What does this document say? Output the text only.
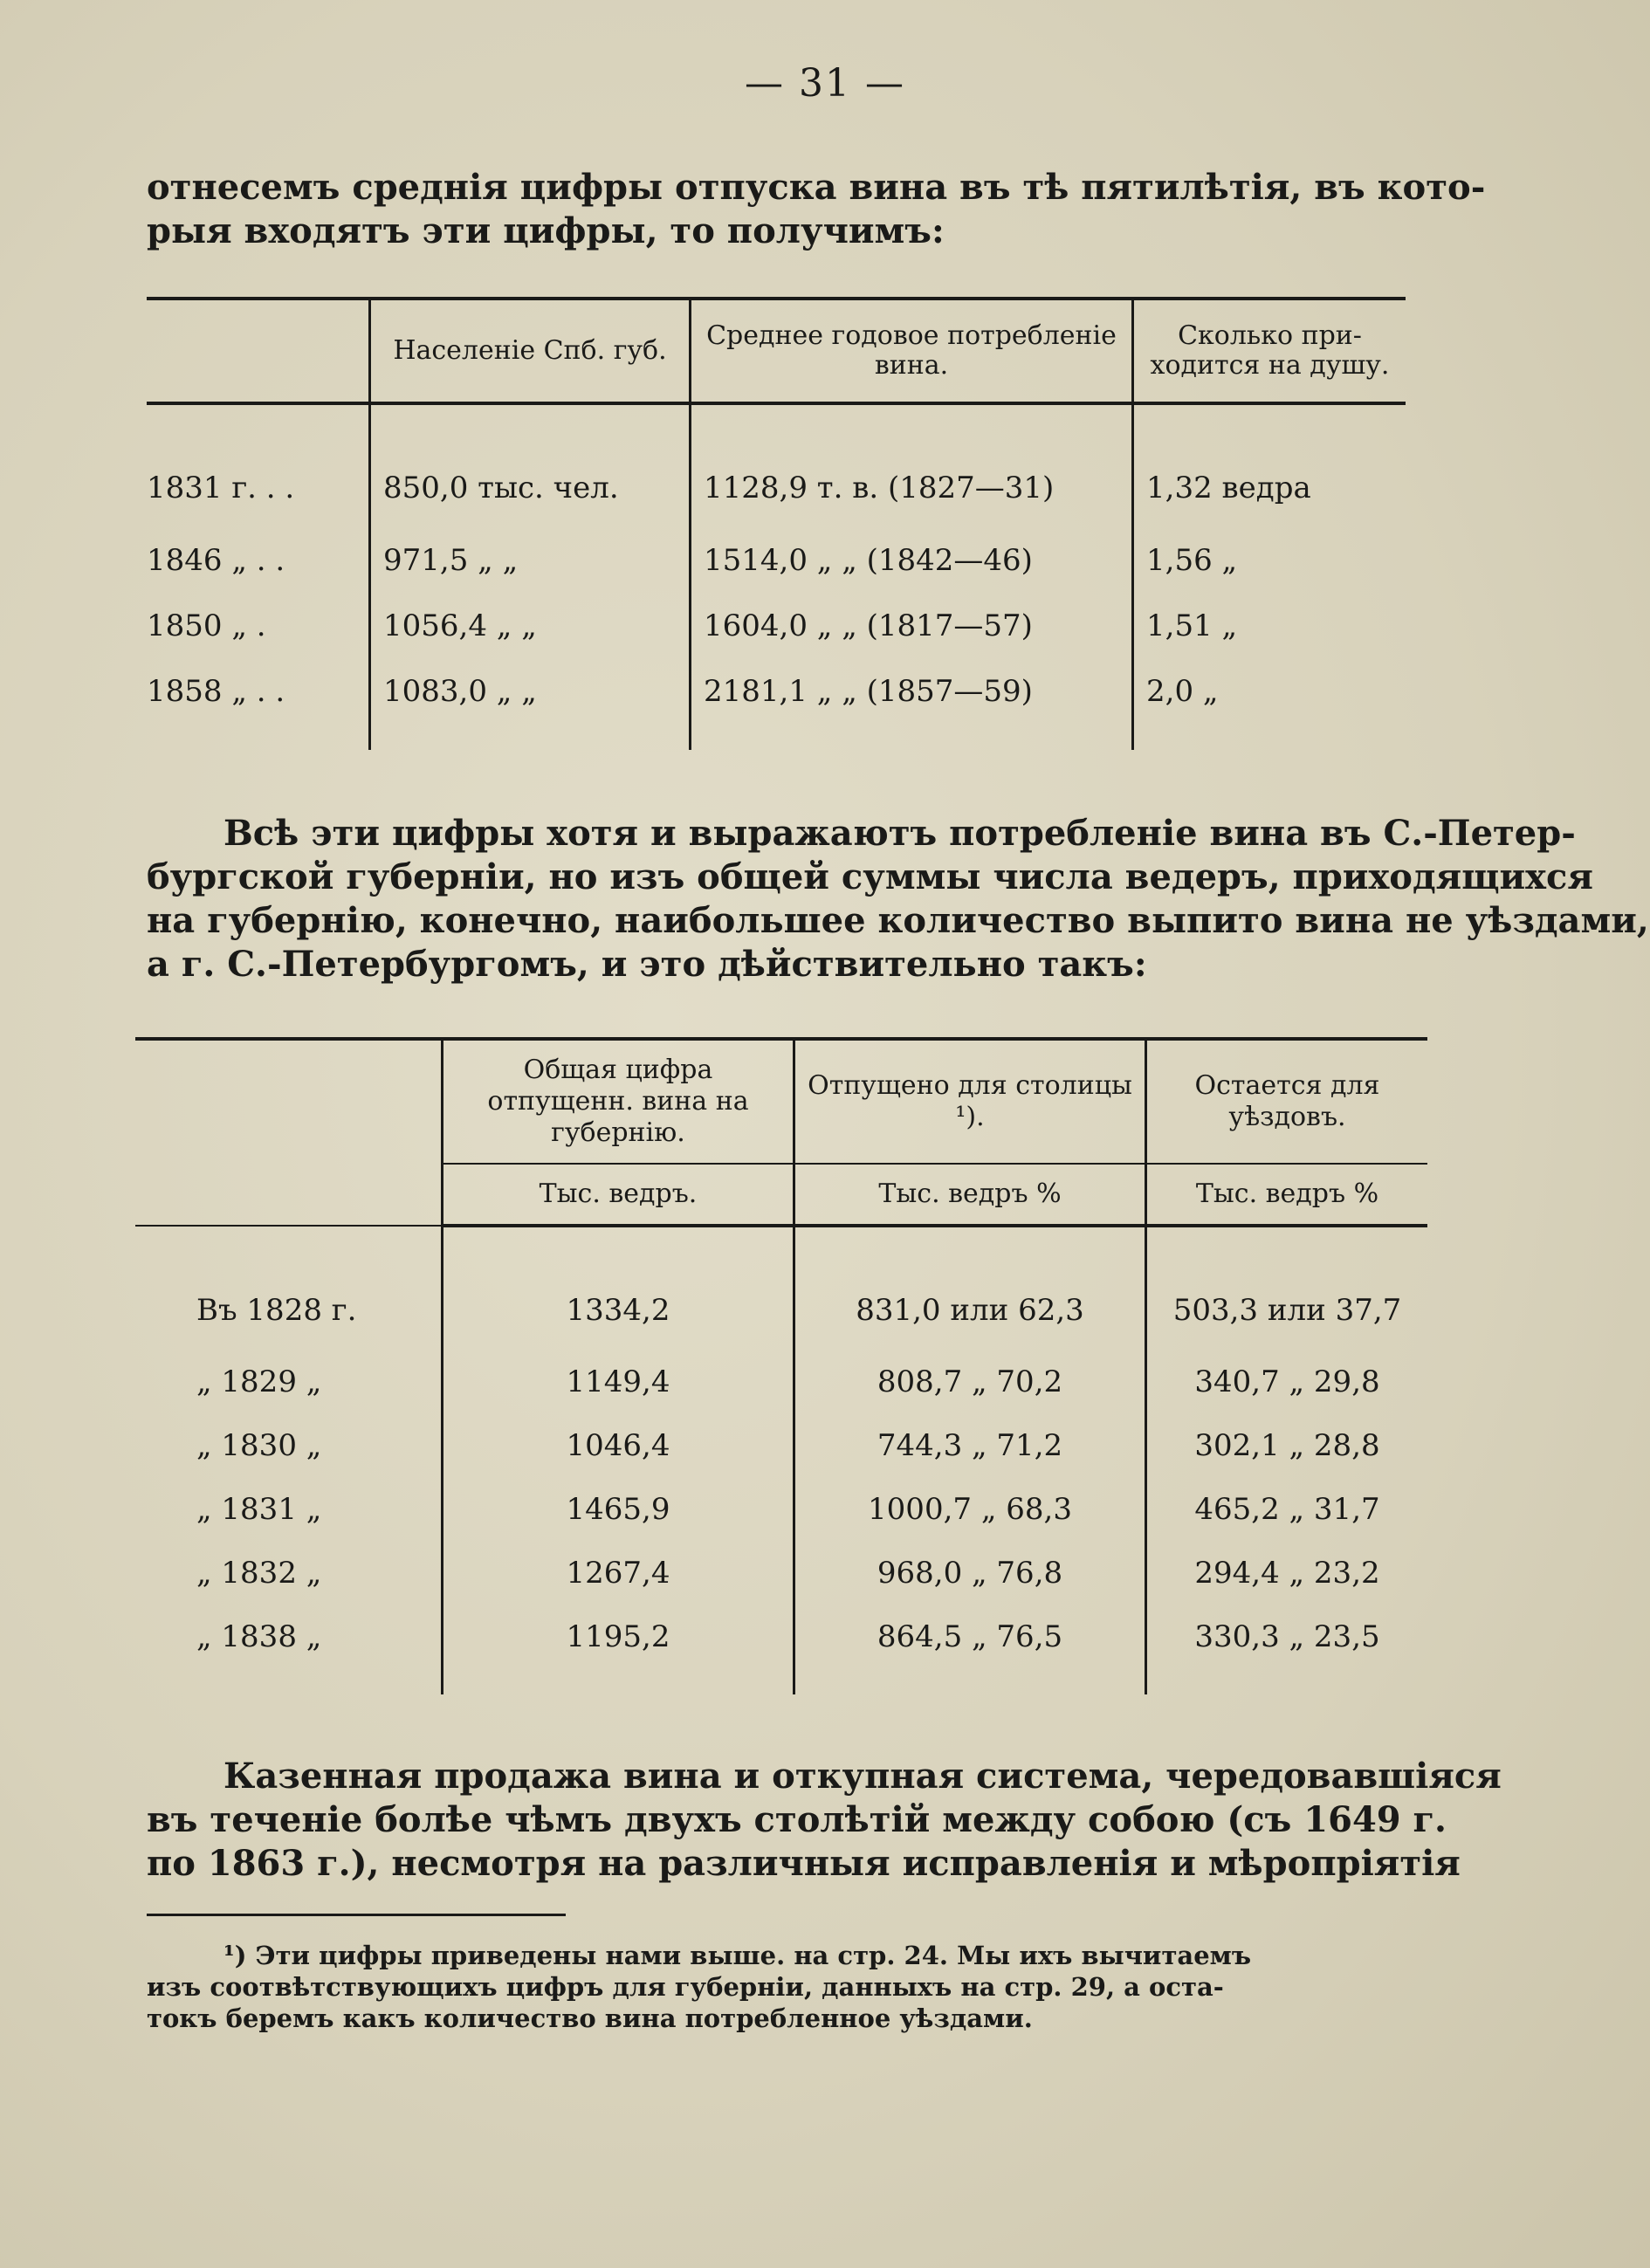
— 31 —
отнесемъ среднія цифры отпуска вина въ тѣ пятилѣтія, въ кото-
рыя входятъ эти цифры, то получимъ:
	Населеніе Спб. губ.	Среднее годовое потребленіе вина.	Сколько при- ходится на душу.
1831 г. . .	850,0 тыс. чел.	1128,9 т. в. (1827—31)	1,32 ведра
1846 „ . .	971,5 „ „	1514,0 „ „ (1842—46)	1,56 „
1850 „ .	1056,4 „ „	1604,0 „ „ (1817—57)	1,51 „
1858 „ . .	1083,0 „ „	2181,1 „ „ (1857—59)	2,0 „
Всѣ эти цифры хотя и выражаютъ потребленіе вина въ С.-Петер-
бургской губерніи, но изъ общей суммы числа ведеръ, приходящихся
на губернію, конечно, наибольшее количество выпито вина не уѣздами,
а г. С.-Петербургомъ, и это дѣйствительно такъ:
	Общая цифра отпущенн. вина на губернію.	Отпущено для столицы ¹).	Остается для уѣздовъ.
	Тыс. ведръ.	Тыс. ведръ %	Тыс. ведръ %
Въ 1828 г.	1334,2	831,0 или 62,3	503,3 или 37,7
„ 1829 „	1149,4	808,7 „ 70,2	340,7 „ 29,8
„ 1830 „	1046,4	744,3 „ 71,2	302,1 „ 28,8
„ 1831 „	1465,9	1000,7 „ 68,3	465,2 „ 31,7
„ 1832 „	1267,4	968,0 „ 76,8	294,4 „ 23,2
„ 1838 „	1195,2	864,5 „ 76,5	330,3 „ 23,5
Казенная продажа вина и откупная система, чередовавшіяся
въ теченіе болѣе чѣмъ двухъ столѣтій между собою (съ 1649 г.
по 1863 г.), несмотря на различныя исправленія и мѣропріятія
¹) Эти цифры приведены нами выше. на стр. 24. Мы ихъ вычитаемъ
изъ соотвѣтствующихъ цифръ для губерніи, данныхъ на стр. 29, а оста-
токъ беремъ какъ количество вина потребленное уѣздами.
